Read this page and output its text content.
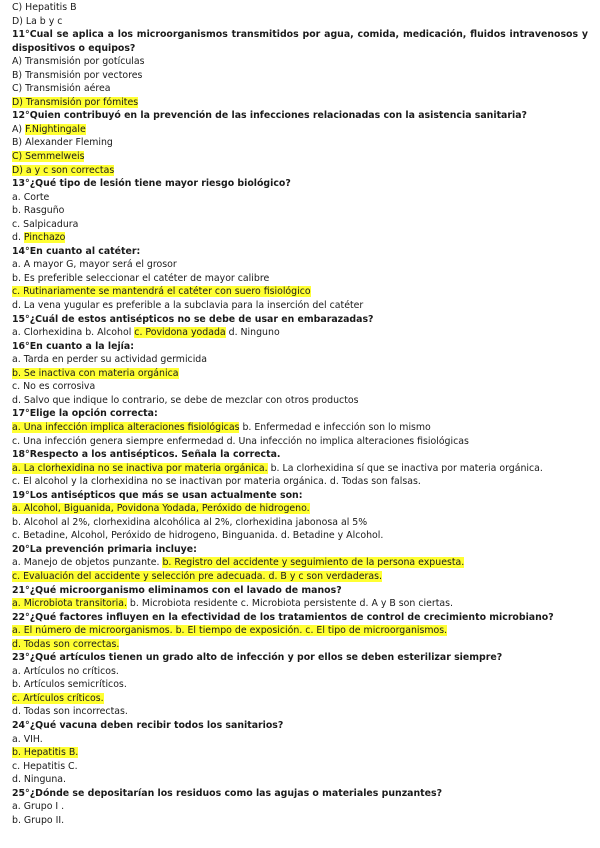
C) Hepatitis B
D) La b y c
11°Cual se aplica a los microorganismos transmitidos por agua, comida, medicación, fluidos intravenosos y dispositivos o equipos?
A) Transmisión por gotículas
B) Transmisión por vectores
C) Transmisión aérea
D) Transmisión por fómites
12°Quien contribuyó en la prevención de las infecciones relacionadas con la asistencia sanitaria?
A) F.Nightingale
B) Alexander Fleming
C) Semmelweis
D) a y c son correctas
13°¿Qué tipo de lesión tiene mayor riesgo biológico?
a. Corte
b. Rasguño
c. Salpicadura
d. Pinchazo
14°En cuanto al catéter:
a. A mayor G, mayor será el grosor
b. Es preferible seleccionar el catéter de mayor calibre
c. Rutinariamente se mantendrá el catéter con suero fisiológico
d. La vena yugular es preferible a la subclavia para la inserción del catéter
15°¿Cuál de estos antisépticos no se debe de usar en embarazadas?
a. Clorhexidina b. Alcohol c. Povidona yodada d. Ninguno
16°En cuanto a la lejía:
a. Tarda en perder su actividad germicida
b. Se inactiva con materia orgánica
c. No es corrosiva
d. Salvo que indique lo contrario, se debe de mezclar con otros productos
17°Elige la opción correcta:
a. Una infección implica alteraciones fisiológicas b. Enfermedad e infección son lo mismo
c. Una infección genera siempre enfermedad d. Una infección no implica alteraciones fisiológicas
18°Respecto a los antisépticos. Señala la correcta.
a. La clorhexidina no se inactiva por materia orgánica. b. La clorhexidina sí que se inactiva por materia orgánica.
c. El alcohol y la clorhexidina no se inactivan por materia orgánica. d. Todas son falsas.
19°Los antisépticos que más se usan actualmente son:
a. Alcohol, Biguanida, Povidona Yodada, Peróxido de hidrogeno.
b. Alcohol al 2%, clorhexidina alcohólica al 2%, clorhexidina jabonosa al 5%
c. Betadine, Alcohol, Peróxido de hidrogeno, Binguanida. d. Betadine y Alcohol.
20°La prevención primaria incluye:
a. Manejo de objetos punzante. b. Registro del accidente y seguimiento de la persona expuesta.
c. Evaluación del accidente y selección pre adecuada. d. B y c son verdaderas.
21°¿Qué microorganismo eliminamos con el lavado de manos?
a. Microbiota transitoria. b. Microbiota residente c. Microbiota persistente d. A y B son ciertas.
22°¿Qué factores influyen en la efectividad de los tratamientos de control de crecimiento microbiano?
a. El número de microorganismos. b. El tiempo de exposición. c. El tipo de microorganismos.
d. Todas son correctas.
23°¿Qué artículos tienen un grado alto de infección y por ellos se deben esterilizar siempre?
a. Artículos no críticos.
b. Artículos semicríticos.
c. Artículos críticos.
d. Todas son incorrectas.
24°¿Qué vacuna deben recibir todos los sanitarios?
a. VIH.
b. Hepatitis B.
c. Hepatitis C.
d. Ninguna.
25°¿Dónde se depositarían los residuos como las agujas o materiales punzantes?
a. Grupo I .
b. Grupo II.
